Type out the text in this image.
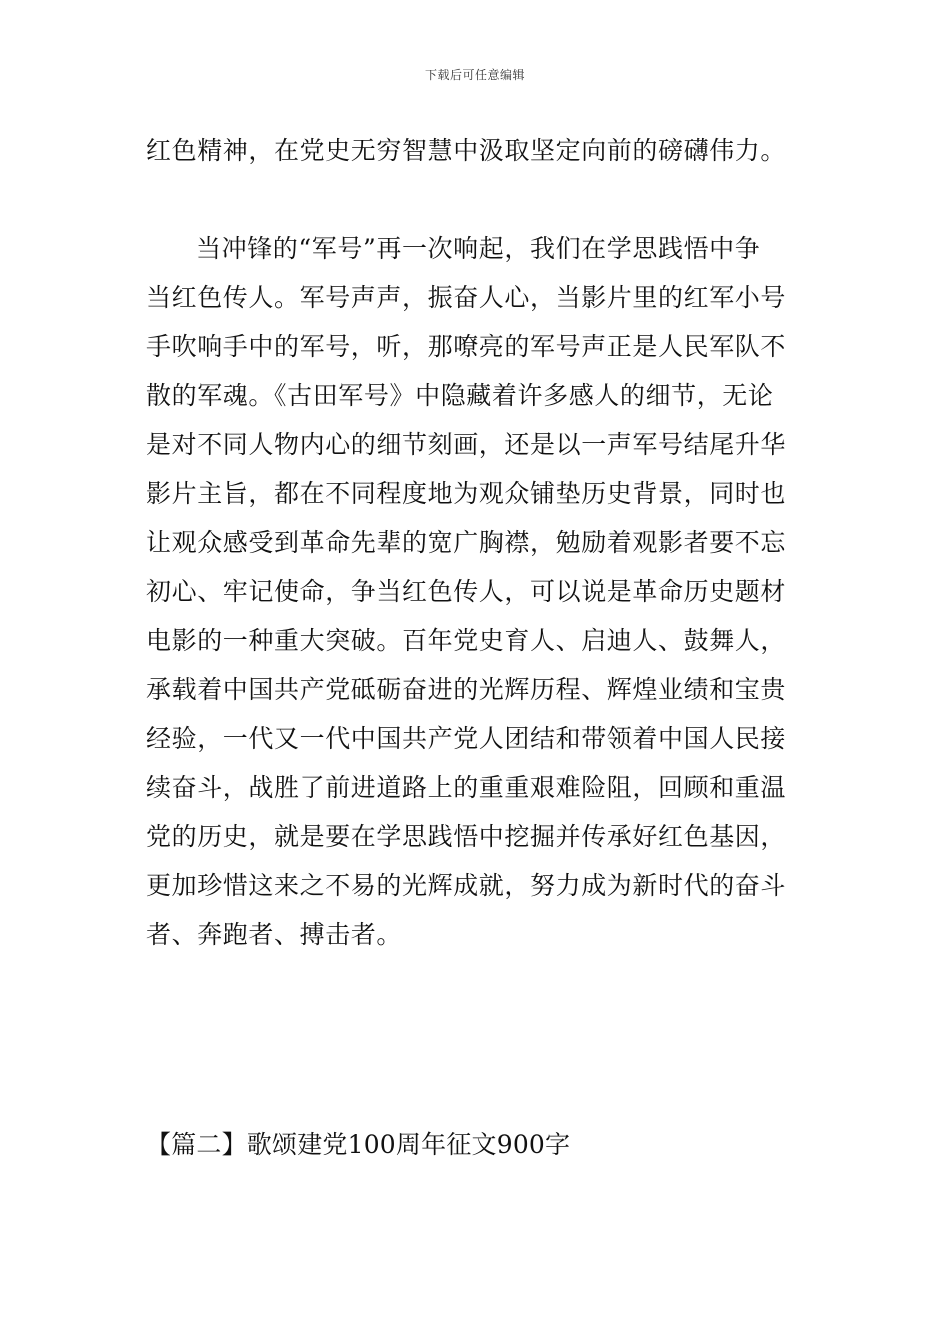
下载后可任意编辑
红色精神，在党史无穷智慧中汲取坚定向前的磅礴伟力。
当冲锋的“军号”再一次响起，我们在学思践悟中争
当红色传人。军号声声，振奋人心，当影片里的红军小号
手吹响手中的军号，听，那嘹亮的军号声正是人民军队不
散的军魂。《古田军号》中隐藏着许多感人的细节，无论
是对不同人物内心的细节刻画，还是以一声军号结尾升华
影片主旨，都在不同程度地为观众铺垫历史背景，同时也
让观众感受到革命先辈的宽广胸襟，勉励着观影者要不忘
初心、牢记使命，争当红色传人，可以说是革命历史题材
电影的一种重大突破。百年党史育人、启迪人、鼓舞人，
承载着中国共产党砥砺奋进的光辉历程、辉煌业绩和宝贵
经验，一代又一代中国共产党人团结和带领着中国人民接
续奋斗，战胜了前进道路上的重重艰难险阻，回顾和重温
党的历史，就是要在学思践悟中挖掘并传承好红色基因，
更加珍惜这来之不易的光辉成就，努力成为新时代的奋斗
者、奔跑者、搏击者。
【篇二】歌颂建党100周年征文900字
